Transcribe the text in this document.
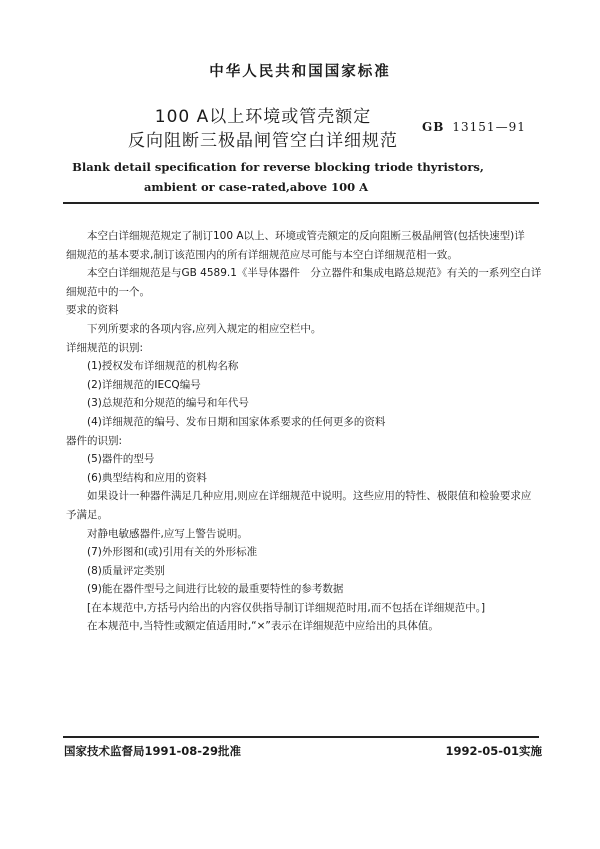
中华人民共和国国家标准
100 A以上环境或管壳额定
反向阻断三极晶闸管空白详细规范
GB 13151—91
Blank detail specification for reverse blocking triode thyristors,
ambient or case-rated,above 100 A

本空白详细规范规定了制订100 A以上、环境或管壳额定的反向阻断三极晶闸管(包括快速型)详

细规范的基本要求,制订该范围内的所有详细规范应尽可能与本空白详细规范相一致。

本空白详细规范是与GB 4589.1《半导体器件　分立器件和集成电路总规范》有关的一系列空白详

细规范中的一个。

要求的资料

下列所要求的各项内容,应列入规定的相应空栏中。

详细规范的识别:

(1)授权发布详细规范的机构名称

(2)详细规范的IECQ编号

(3)总规范和分规范的编号和年代号

(4)详细规范的编号、发布日期和国家体系要求的任何更多的资料

器件的识别:

(5)器件的型号

(6)典型结构和应用的资料

如果设计一种器件满足几种应用,则应在详细规范中说明。这些应用的特性、极限值和检验要求应

予满足。

对静电敏感器件,应写上警告说明。

(7)外形图和(或)引用有关的外形标准

(8)质量评定类别

(9)能在器件型号之间进行比较的最重要特性的参考数据

[在本规范中,方括号内给出的内容仅供指导制订详细规范时用,而不包括在详细规范中。]

在本规范中,当特性或额定值适用时,“×”表示在详细规范中应给出的具体值。

国家技术监督局1991-08-29批准	1992-05-01实施
